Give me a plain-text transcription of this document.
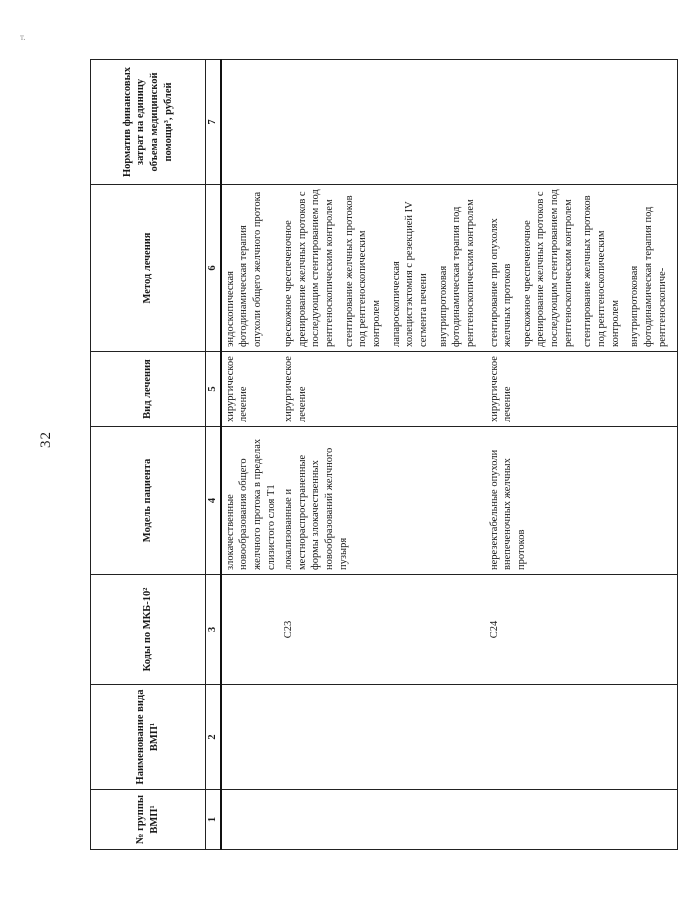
т.
32
№ группы ВМП¹	Наименование вида ВМП¹	Коды по МКБ-10²	Модель пациента	Вид лечения	Метод лечения	Норматив финансовых затрат на единицу объема медицинской помощи³, рублей
1	2	3	4	5	6	7
			злокачественные новообразования общего желчного протока в пределах слизистого слоя T1	хирургическое лечение	эндоскопическая фотодинамическая терапия опухоли общего желчного протока	

		C23	локализованные и местнораспространенные формы злокачественных новообразований желчного пузыря	хирургическое лечение	чрескожное чреспеченочное дренирование желчных протоков с последующим стентированием под рентгеноскопическим контролем стентирование желчных протоков под рентгеноскопическим контролем лапароскопическая холецистэктомия с резекцией IV сегмента печени внутрипротоковая фотодинамическая терапия под рентгеноскопическим контролем	

		C24	нерезектабельные опухоли внепеченочных желчных протоков	хирургическое лечение	стентирование при опухолях желчных протоков чрескожное чреспеченочное дренирование желчных протоков с последующим стентированием под рентгеноскопическим контролем стентирование желчных протоков под рентгеноскопическим контролем внутрипротоковая фотодинамическая терапия под рентгеноскопиче-	
